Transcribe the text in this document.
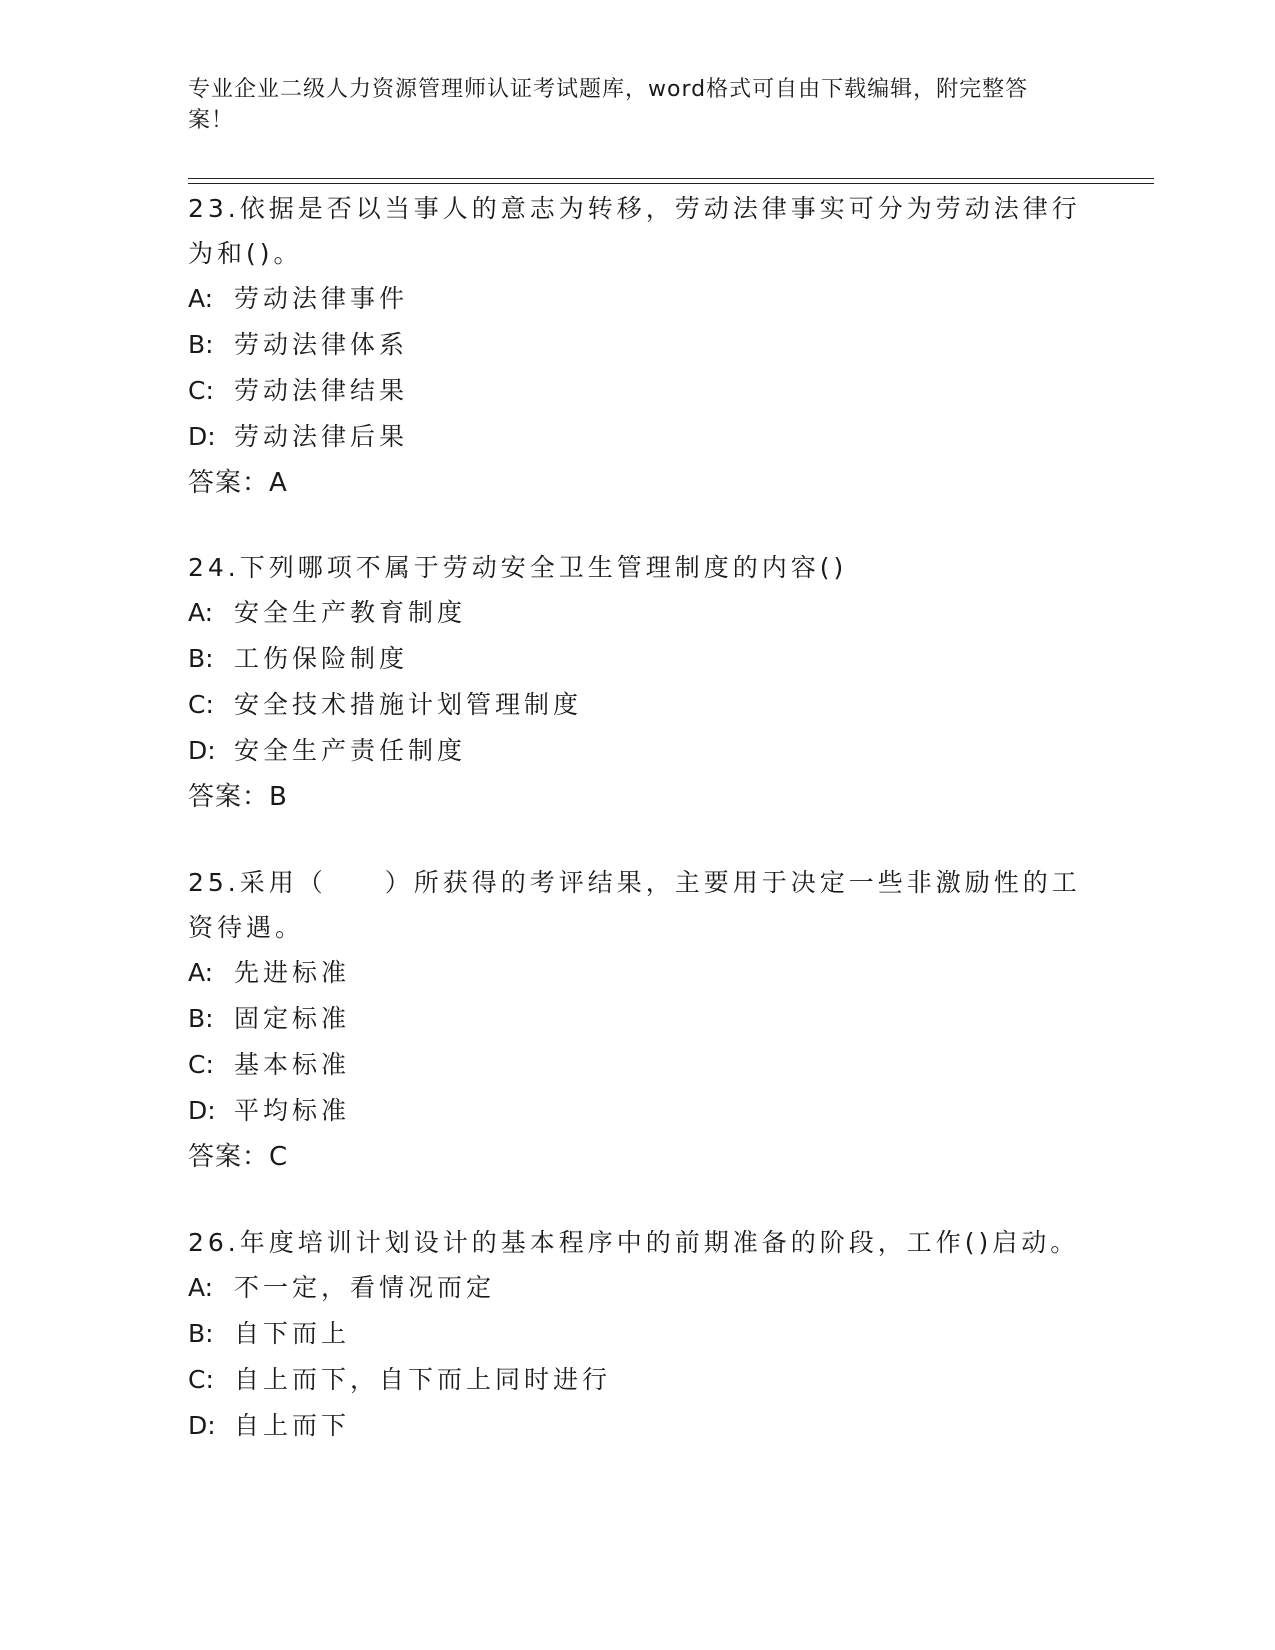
专业企业二级人力资源管理师认证考试题库，word格式可自由下载编辑，附完整答案！

23.依据是否以当事人的意志为转移，劳动法律事实可分为劳动法律行为和()。

A: 劳动法律事件
B: 劳动法律体系
C: 劳动法律结果
D: 劳动法律后果
答案：A

24.下列哪项不属于劳动安全卫生管理制度的内容()

A: 安全生产教育制度
B: 工伤保险制度
C: 安全技术措施计划管理制度
D: 安全生产责任制度
答案：B

25.采用（　　）所获得的考评结果，主要用于决定一些非激励性的工资待遇。

A: 先进标准
B: 固定标准
C: 基本标准
D: 平均标准
答案：C

26.年度培训计划设计的基本程序中的前期准备的阶段，工作()启动。

A: 不一定，看情况而定
B: 自下而上
C: 自上而下，自下而上同时进行
D: 自上而下
